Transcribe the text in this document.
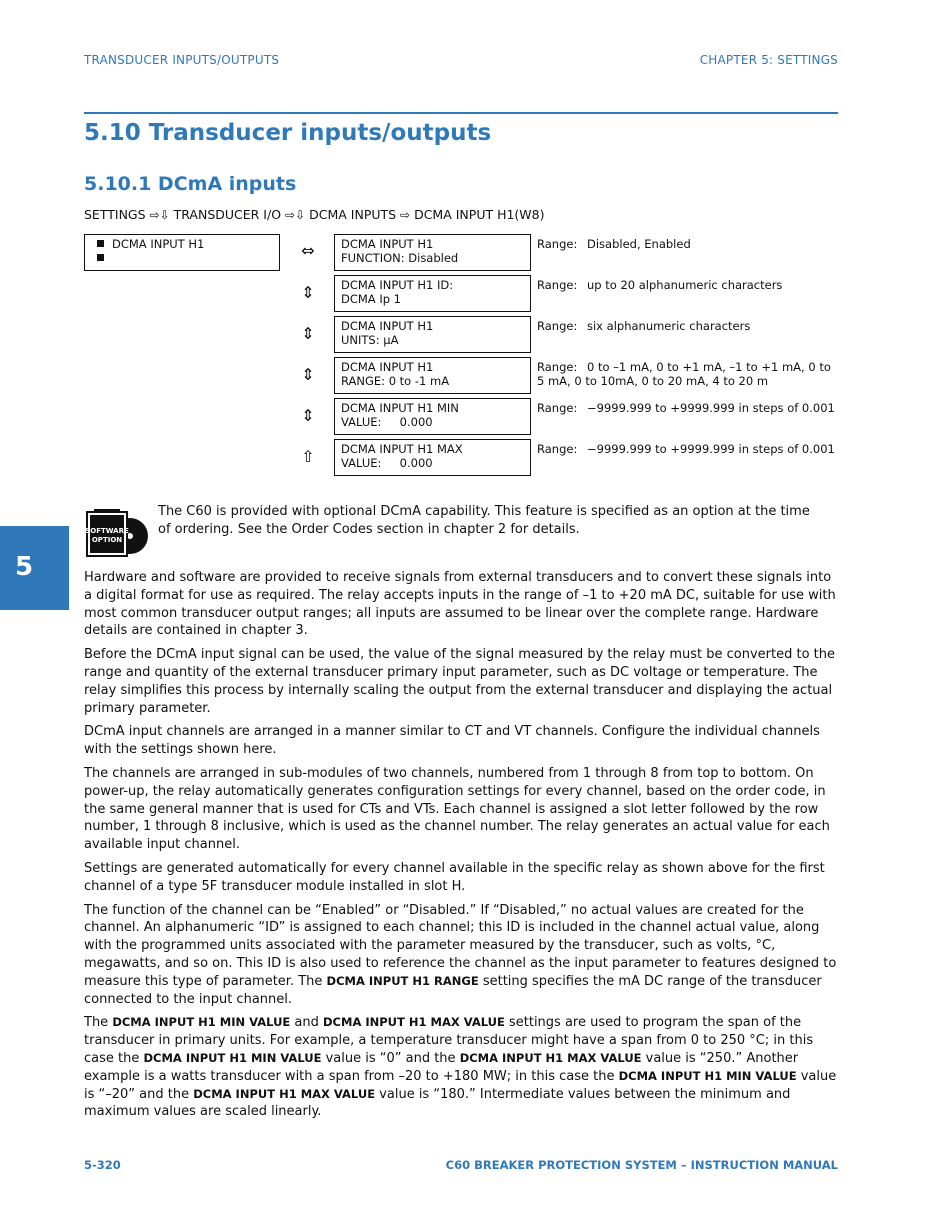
TRANSDUCER INPUTS/OUTPUTS	CHAPTER 5: SETTINGS
5.10 Transducer inputs/outputs
5.10.1 DCmA inputs
SETTINGS ⇨⇩ TRANSDUCER I/O ⇨⇩ DCMA INPUTS ⇨ DCMA INPUT H1(W8)
DCMA INPUT H1	⇔ DCMA INPUT H1
FUNCTION: Disabled
Range: Disabled, Enabled
⇕ DCMA INPUT H1 ID:
DCMA Ip 1
Range: up to 20 alphanumeric characters
⇕ DCMA INPUT H1
UNITS: μA
Range: six alphanumeric characters
⇕ DCMA INPUT H1
RANGE: 0 to -1 mA
Range: 0 to –1 mA, 0 to +1 mA, –1 to +1 mA, 0 to 5 mA, 0 to 10mA, 0 to 20 mA, 4 to 20 m
⇕ DCMA INPUT H1 MIN
VALUE:     0.000
Range: −9999.999 to +9999.999 in steps of 0.001
⇧ DCMA INPUT H1 MAX
VALUE:     0.000
Range: −9999.999 to +9999.999 in steps of 0.001
SOFTWARE
OPTION
The C60 is provided with optional DCmA capability. This feature is specified as an option at the time of ordering. See the Order Codes section in chapter 2 for details.
5	Hardware and software are provided to receive signals from external transducers and to convert these signals into a digital format for use as required. The relay accepts inputs in the range of –1 to +20 mA DC, suitable for use with most common transducer output ranges; all inputs are assumed to be linear over the complete range. Hardware details are contained in chapter 3.

Before the DCmA input signal can be used, the value of the signal measured by the relay must be converted to the range and quantity of the external transducer primary input parameter, such as DC voltage or temperature. The relay simplifies this process by internally scaling the output from the external transducer and displaying the actual primary parameter.

DCmA input channels are arranged in a manner similar to CT and VT channels. Configure the individual channels with the settings shown here.

The channels are arranged in sub-modules of two channels, numbered from 1 through 8 from top to bottom. On power-up, the relay automatically generates configuration settings for every channel, based on the order code, in the same general manner that is used for CTs and VTs. Each channel is assigned a slot letter followed by the row number, 1 through 8 inclusive, which is used as the channel number. The relay generates an actual value for each available input channel.

Settings are generated automatically for every channel available in the specific relay as shown above for the first channel of a type 5F transducer module installed in slot H.

The function of the channel can be “Enabled” or “Disabled.” If “Disabled,” no actual values are created for the channel. An alphanumeric “ID” is assigned to each channel; this ID is included in the channel actual value, along with the programmed units associated with the parameter measured by the transducer, such as volts, °C, megawatts, and so on. This ID is also used to reference the channel as the input parameter to features designed to measure this type of parameter. The DCMA INPUT H1 RANGE setting specifies the mA DC range of the transducer connected to the input channel.

The DCMA INPUT H1 MIN VALUE and DCMA INPUT H1 MAX VALUE settings are used to program the span of the transducer in primary units. For example, a temperature transducer might have a span from 0 to 250 °C; in this case the DCMA INPUT H1 MIN VALUE value is “0” and the DCMA INPUT H1 MAX VALUE value is “250.” Another example is a watts transducer with a span from –20 to +180 MW; in this case the DCMA INPUT H1 MIN VALUE value is “–20” and the DCMA INPUT H1 MAX VALUE value is “180.” Intermediate values between the minimum and maximum values are scaled linearly.

5-320	C60 BREAKER PROTECTION SYSTEM – INSTRUCTION MANUAL
